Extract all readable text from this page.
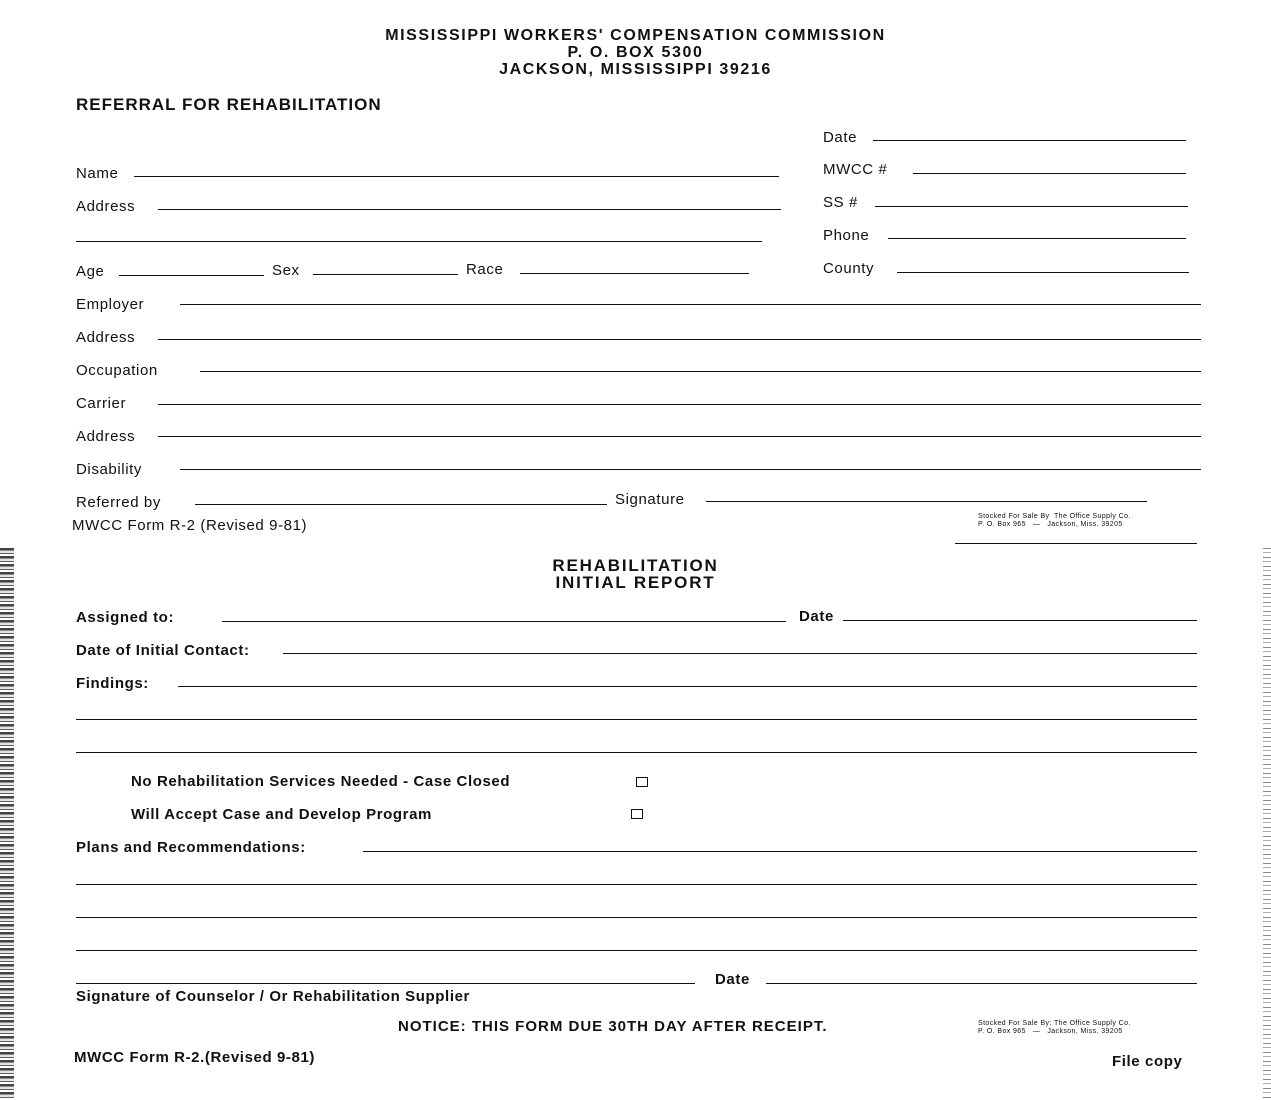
MISSISSIPPI WORKERS' COMPENSATION COMMISSION
P. O. BOX 5300
JACKSON, MISSISSIPPI 39216
REFERRAL FOR REHABILITATION
Date
MWCC #
SS #
Phone
County
Name
Address
Age	Sex	Race
Employer
Address
Occupation
Carrier
Address
Disability
Referred by	Signature
MWCC Form R-2 (Revised 9-81)
Stocked For Sale By  The Office Supply Co.
P. O. Box 965   —   Jackson, Miss. 39205
REHABILITATION
INITIAL REPORT
Assigned to:	Date
Date of Initial Contact:
Findings:
No Rehabilitation Services Needed - Case Closed
Will Accept Case and Develop Program
Plans and Recommendations:
Date
Signature of Counselor / Or Rehabilitation Supplier
NOTICE: THIS FORM DUE 30TH DAY AFTER RECEIPT.	Stocked For Sale By: The Office Supply Co.
P. O. Box 965   —   Jackson, Miss. 39205
MWCC Form R-2.(Revised 9-81)	File copy
